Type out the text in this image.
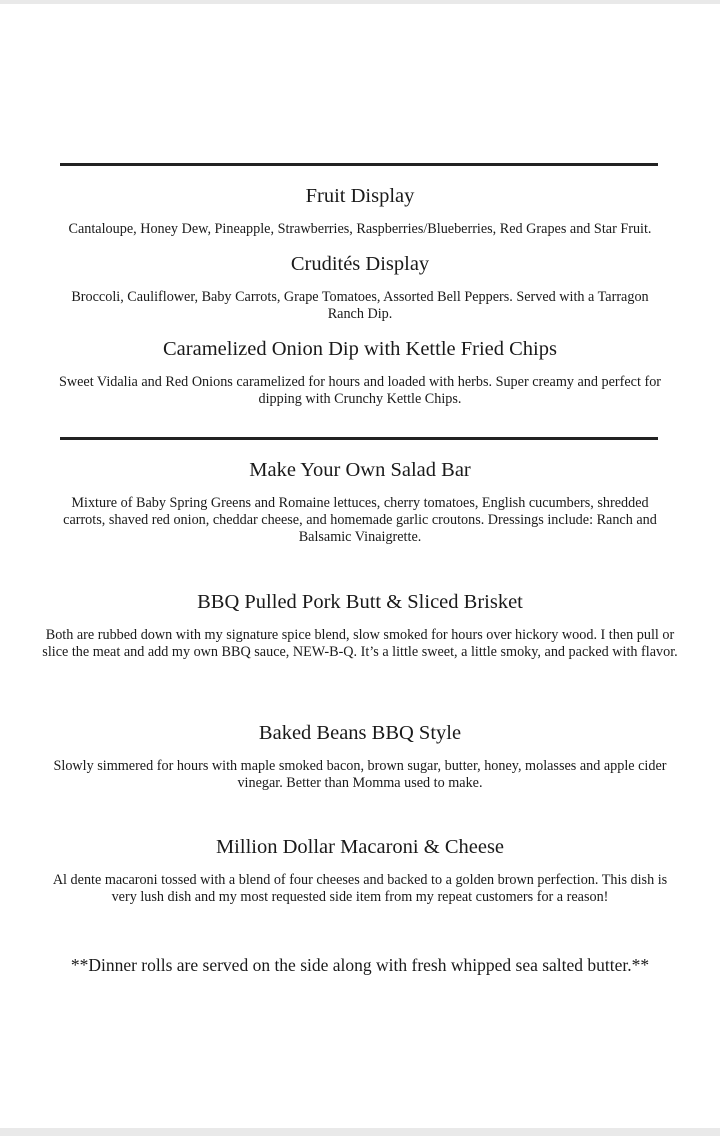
Fruit Display

Cantaloupe, Honey Dew, Pineapple, Strawberries, Raspberries/Blueberries, Red Grapes and Star Fruit.

Crudités Display

Broccoli, Cauliflower, Baby Carrots, Grape Tomatoes, Assorted Bell Peppers. Served with a Tarragon Ranch Dip.

Caramelized Onion Dip with Kettle Fried Chips

Sweet Vidalia and Red Onions caramelized for hours and loaded with herbs. Super creamy and perfect for dipping with Crunchy Kettle Chips.

Make Your Own Salad Bar

Mixture of Baby Spring Greens and Romaine lettuces, cherry tomatoes, English cucumbers, shredded carrots, shaved red onion, cheddar cheese, and homemade garlic croutons. Dressings include: Ranch and Balsamic Vinaigrette.

BBQ Pulled Pork Butt & Sliced Brisket

Both are rubbed down with my signature spice blend, slow smoked for hours over hickory wood. I then pull or slice the meat and add my own BBQ sauce, NEW-B-Q. It’s a little sweet, a little smoky, and packed with flavor.

Baked Beans BBQ Style

Slowly simmered for hours with maple smoked bacon, brown sugar, butter, honey, molasses and apple cider vinegar. Better than Momma used to make.

Million Dollar Macaroni & Cheese

Al dente macaroni tossed with a blend of four cheeses and backed to a golden brown perfection. This dish is very lush dish and my most requested side item from my repeat customers for a reason!

**Dinner rolls are served on the side along with fresh whipped sea salted butter.**
